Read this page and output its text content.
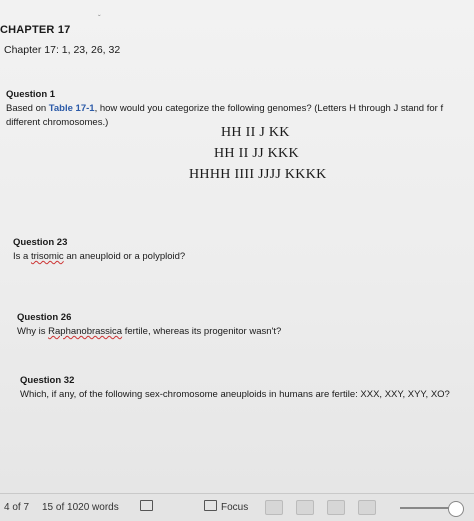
ˇ
CHAPTER 17
Chapter 17: 1, 23, 26, 32
Question 1
Based on Table 17-1, how would you categorize the following genomes? (Letters H through J stand for f
different chromosomes.)
HH II J KK
HH II JJ KKK
HHHH IIII JJJJ KKKK
Question 23
Is a trisomic an aneuploid or a polyploid?
Question 26
Why is Raphanobrassica fertile, whereas its progenitor wasn't?
Question 32
Which, if any, of the following sex-chromosome aneuploids in humans are fertile: XXX, XXY, XYY, XO?
4 of 7 15 of 1020 words	Focus
